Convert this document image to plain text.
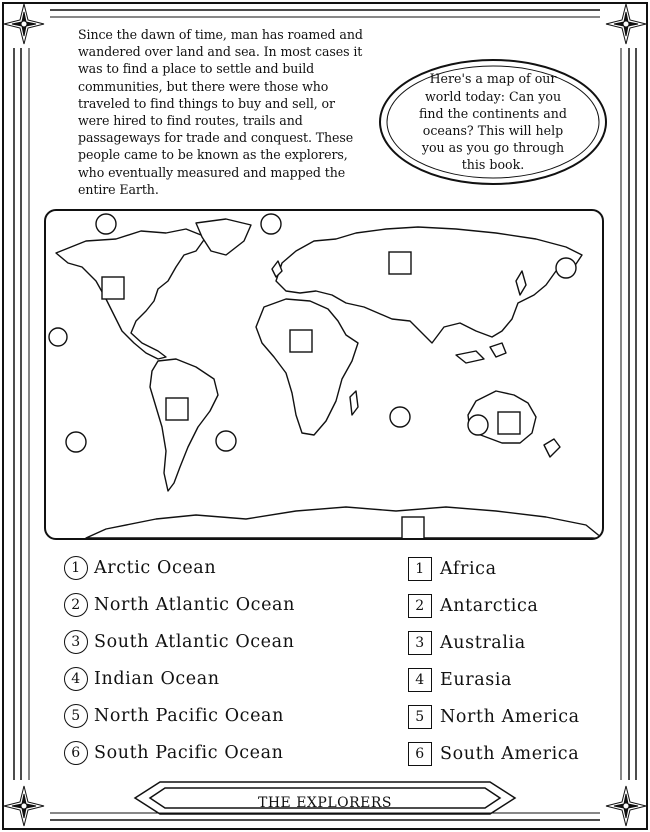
Since the dawn of time, man has roamed and wandered over land and sea. In most cases it was to find a place to settle and build communities, but there were those who traveled to find things to buy and sell, or were hired to find routes, trails and passageways for trade and conquest. These people came to be known as the explorers, who eventually measured and mapped the entire Earth.
Here's a map of our world today: Can you find the continents and oceans? This will help you as you go through this book.
1 Arctic Ocean
2 North Atlantic Ocean
3 South Atlantic Ocean
4 Indian Ocean
5 North Pacific Ocean
6 South Pacific Ocean
1 Africa
2 Antarctica
3 Australia
4 Eurasia
5 North America
6 South America
THE EXPLORERS
